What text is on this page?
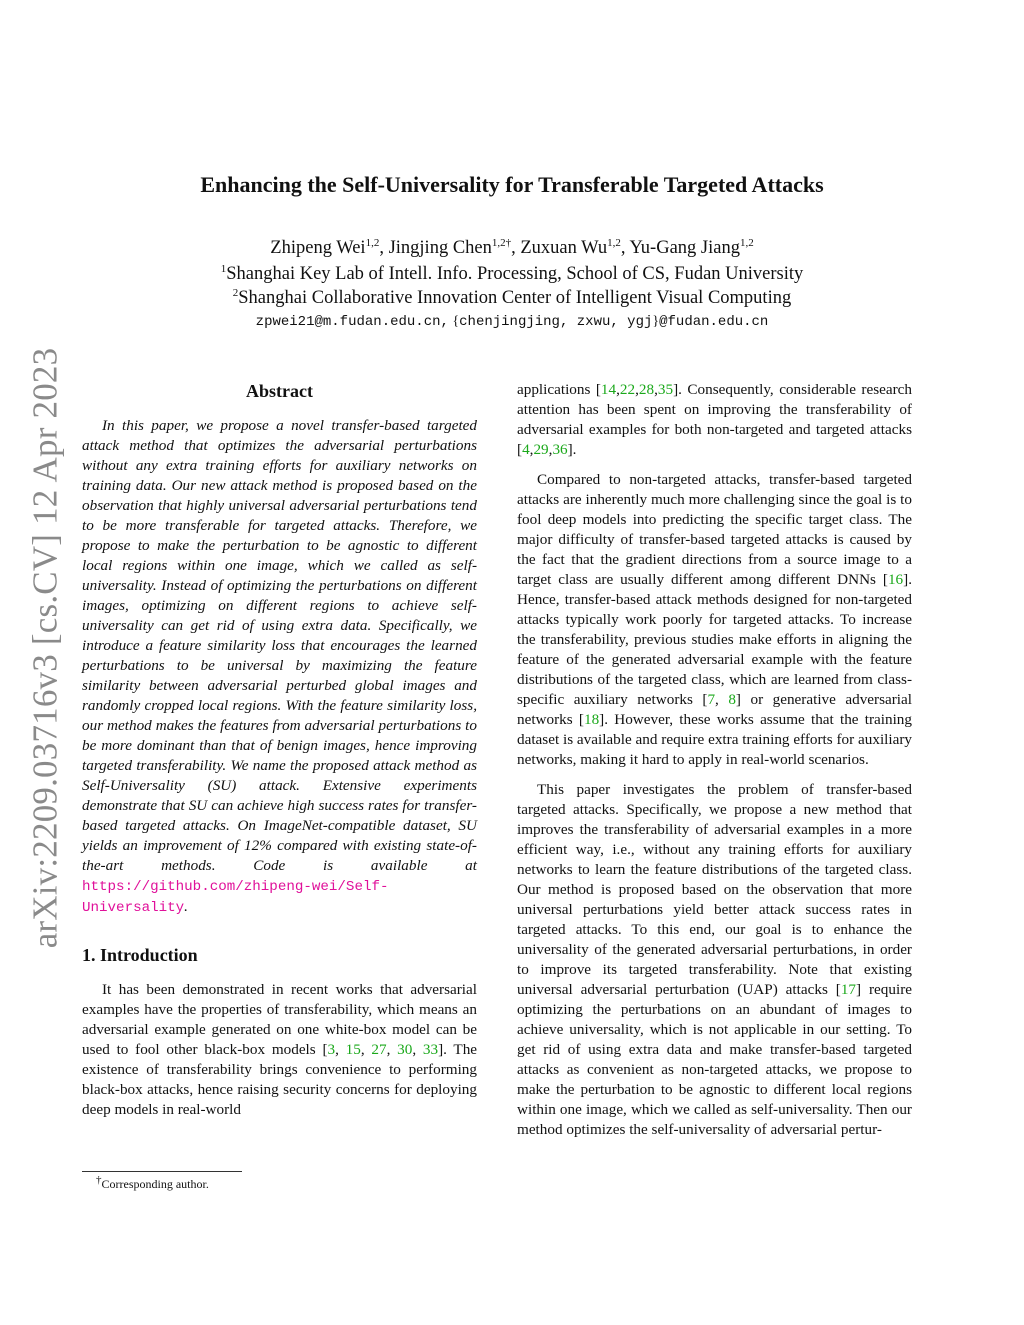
arXiv:2209.03716v3 [cs.CV] 12 Apr 2023
Enhancing the Self-Universality for Transferable Targeted Attacks
Zhipeng Wei$^{1,2}$, Jingjing Chen$^{1,2\dagger}$, Zuxuan Wu$^{1,2}$, Yu-Gang Jiang$^{1,2}$
$^1$Shanghai Key Lab of Intell. Info. Processing, School of CS, Fudan University
$^2$Shanghai Collaborative Innovation Center of Intelligent Visual Computing
zpwei21@m.fudan.edu.cn, {chenjingjing, zxwu, ygj}@fudan.edu.cn
Abstract

In this paper, we propose a novel transfer-based targeted attack method that optimizes the adversarial perturbations without any extra training efforts for auxiliary networks on training data. Our new attack method is proposed based on the observation that highly universal adversarial perturbations tend to be more transferable for targeted attacks. Therefore, we propose to make the perturbation to be agnostic to different local regions within one image, which we called as self-universality. Instead of optimizing the perturbations on different images, optimizing on different regions to achieve self-universality can get rid of using extra data. Specifically, we introduce a feature similarity loss that encourages the learned perturbations to be universal by maximizing the feature similarity between adversarial perturbed global images and randomly cropped local regions. With the feature similarity loss, our method makes the features from adversarial perturbations to be more dominant than that of benign images, hence improving targeted transferability. We name the proposed attack method as Self-Universality (SU) attack. Extensive experiments demonstrate that SU can achieve high success rates for transfer-based targeted attacks. On ImageNet-compatible dataset, SU yields an improvement of 12% compared with existing state-of-the-art methods. Code is available at https://github.com/zhipeng-wei/Self-Universality.

1. Introduction

It has been demonstrated in recent works that adversarial examples have the properties of transferability, which means an adversarial example generated on one white-box model can be used to fool other black-box models [3, 15, 27, 30, 33]. The existence of transferability brings convenience to performing black-box attacks, hence raising security concerns for deploying deep models in real-world

applications [14,22,28,35]. Consequently, considerable research attention has been spent on improving the transferability of adversarial examples for both non-targeted and targeted attacks [4,29,36].

Compared to non-targeted attacks, transfer-based targeted attacks are inherently much more challenging since the goal is to fool deep models into predicting the specific target class. The major difficulty of transfer-based targeted attacks is caused by the fact that the gradient directions from a source image to a target class are usually different among different DNNs [16]. Hence, transfer-based attack methods designed for non-targeted attacks typically work poorly for targeted attacks. To increase the transferability, previous studies make efforts in aligning the feature of the generated adversarial example with the feature distributions of the targeted class, which are learned from class-specific auxiliary networks [7, 8] or generative adversarial networks [18]. However, these works assume that the training dataset is available and require extra training efforts for auxiliary networks, making it hard to apply in real-world scenarios.

This paper investigates the problem of transfer-based targeted attacks. Specifically, we propose a new method that improves the transferability of adversarial examples in a more efficient way, i.e., without any training efforts for auxiliary networks to learn the feature distributions of the targeted class. Our method is proposed based on the observation that more universal perturbations yield better attack success rates in targeted attacks. To this end, our goal is to enhance the universality of the generated adversarial perturbations, in order to improve its targeted transferability. Note that existing universal adversarial perturbation (UAP) attacks [17] require optimizing the perturbations on an abundant of images to achieve universality, which is not applicable in our setting. To get rid of using extra data and make transfer-based targeted attacks as convenient as non-targeted attacks, we propose to make the perturbation to be agnostic to different local regions within one image, which we called as self-universality. Then our method optimizes the self-universality of adversarial pertur-

†Corresponding author.
